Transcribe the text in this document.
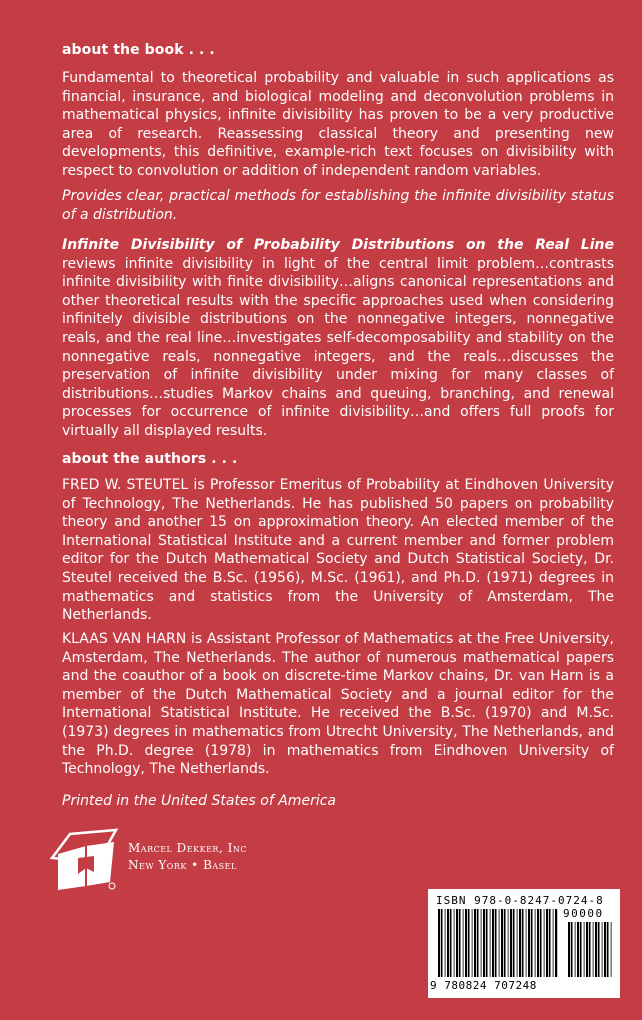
about the book . . .

Fundamental to theoretical probability and valuable in such applications as financial, insurance, and biological modeling and deconvolution problems in mathematical physics, infinite divisibility has proven to be a very productive area of research. Reassessing classical theory and presenting new developments, this definitive, example-rich text focuses on divisibility with respect to convolution or addition of independent random variables.

Provides clear, practical methods for establishing the infinite divisibility status of a distribution.

Infinite Divisibility of Probability Distributions on the Real Line reviews infinite divisibility in light of the central limit problem…contrasts infinite divisibility with finite divisibility…aligns canonical representations and other theoretical results with the specific approaches used when considering infinitely divisible distributions on the nonnegative integers, nonnegative reals, and the real line…investigates self-decomposability and stability on the nonnegative reals, nonnegative integers, and the reals…discusses the preservation of infinite divisibility under mixing for many classes of distributions…studies Markov chains and queuing, branching, and renewal processes for occurrence of infinite divisibility…and offers full proofs for virtually all displayed results.

about the authors . . .

FRED W. STEUTEL is Professor Emeritus of Probability at Eindhoven University of Technology, The Netherlands. He has published 50 papers on probability theory and another 15 on approximation theory. An elected member of the International Statistical Institute and a current member and former problem editor for the Dutch Mathematical Society and Dutch Statistical Society, Dr. Steutel received the B.Sc. (1956), M.Sc. (1961), and Ph.D. (1971) degrees in mathematics and statistics from the University of Amsterdam, The Netherlands.

KLAAS VAN HARN is Assistant Professor of Mathematics at the Free University, Amsterdam, The Netherlands. The author of numerous mathematical papers and the coauthor of a book on discrete-time Markov chains, Dr. van Harn is a member of the Dutch Mathematical Society and a journal editor for the International Statistical Institute. He received the B.Sc. (1970) and M.Sc. (1973) degrees in mathematics from Utrecht University, The Netherlands, and the Ph.D. degree (1978) in mathematics from Eindhoven University of Technology, The Netherlands.

Printed in the United States of America
Marcel Dekker, Inc
New York • Basel
ISBN 978-0-8247-0724-8
90000
9 780824 707248
